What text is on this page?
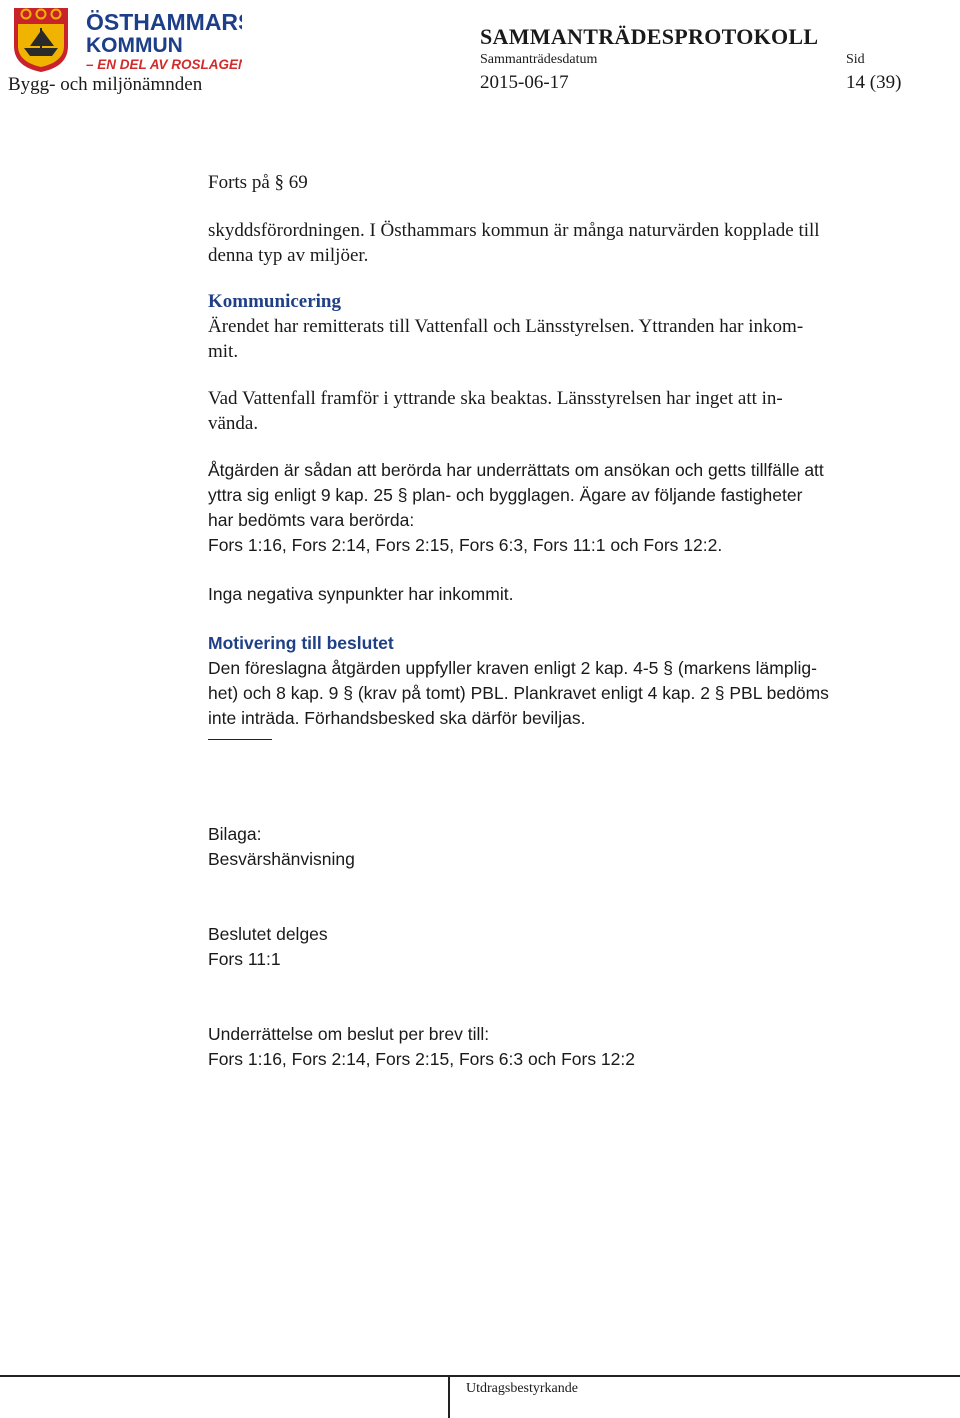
ÖSTHAMMARS
KOMMUN
– EN DEL AV ROSLAGEN
Bygg- och miljönämnden
SAMMANTRÄDESPROTOKOLL
Sammanträdesdatum	Sid
2015-06-17	14 (39)

Forts på § 69

skyddsförordningen. I Östhammars kommun är många naturvärden kopplade till

denna typ av miljöer.

Kommunicering

Ärendet har remitterats till Vattenfall och Länsstyrelsen. Yttranden har inkom-

mit.

Vad Vattenfall framför i yttrande ska beaktas. Länsstyrelsen har inget att in-

vända.

Åtgärden är sådan att berörda har underrättats om ansökan och getts tillfälle att

yttra sig enligt 9 kap. 25 § plan- och bygglagen. Ägare av följande fastigheter

har bedömts vara berörda:

Fors 1:16, Fors 2:14, Fors 2:15, Fors 6:3, Fors 11:1 och Fors 12:2.

Inga negativa synpunkter har inkommit.

Motivering till beslutet

Den föreslagna åtgärden uppfyller kraven enligt 2 kap. 4-5 § (markens lämplig-

het) och 8 kap. 9 § (krav på tomt) PBL. Plankravet enligt 4 kap. 2 § PBL bedöms

inte inträda. Förhandsbesked ska därför beviljas.

Bilaga:

Besvärshänvisning

Beslutet delges

Fors 11:1

Underrättelse om beslut per brev till:

Fors 1:16, Fors 2:14, Fors 2:15, Fors 6:3 och Fors 12:2

Utdragsbestyrkande
